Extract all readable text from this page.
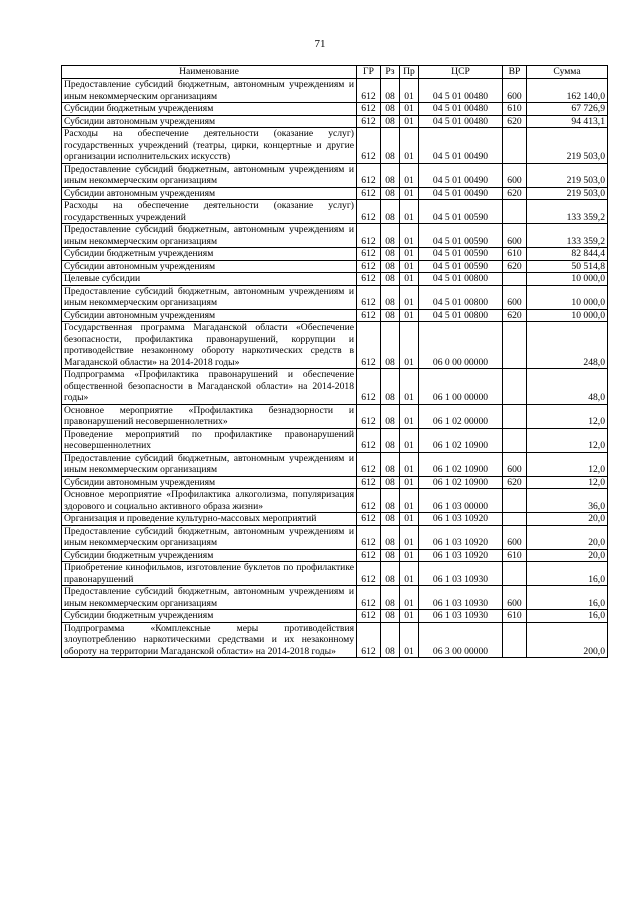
71
Наименование	ГР	Рз	Пр	ЦСР	ВР	Сумма
Предоставление субсидий бюджетным, автономным учреждениям и иным некоммерческим организациям	612	08	01	04 5 01 00480	600	162 140,0
Субсидии бюджетным учреждениям	612	08	01	04 5 01 00480	610	67 726,9
Субсидии автономным учреждениям	612	08	01	04 5 01 00480	620	94 413,1
Расходы на обеспечение деятельности (оказание услуг) государственных учреждений (театры, цирки, концертные и другие организации исполнительских искусств)	612	08	01	04 5 01 00490		219 503,0
Предоставление субсидий бюджетным, автономным учреждениям и иным некоммерческим организациям	612	08	01	04 5 01 00490	600	219 503,0
Субсидии автономным учреждениям	612	08	01	04 5 01 00490	620	219 503,0
Расходы на обеспечение деятельности (оказание услуг) государственных учреждений	612	08	01	04 5 01 00590		133 359,2
Предоставление субсидий бюджетным, автономным учреждениям и иным некоммерческим организациям	612	08	01	04 5 01 00590	600	133 359,2
Субсидии бюджетным учреждениям	612	08	01	04 5 01 00590	610	82 844,4
Субсидии автономным учреждениям	612	08	01	04 5 01 00590	620	50 514,8
Целевые субсидии	612	08	01	04 5 01 00800		10 000,0
Предоставление субсидий бюджетным, автономным учреждениям и иным некоммерческим организациям	612	08	01	04 5 01 00800	600	10 000,0
Субсидии автономным учреждениям	612	08	01	04 5 01 00800	620	10 000,0
Государственная программа Магаданской области «Обеспечение безопасности, профилактика правонарушений, коррупции и противодействие незаконному обороту наркотических средств в Магаданской области» на 2014-2018 годы»	612	08	01	06 0 00 00000		248,0
Подпрограмма «Профилактика правонарушений и обеспечение общественной безопасности в Магаданской области» на 2014-2018 годы»	612	08	01	06 1 00 00000		48,0
Основное мероприятие «Профилактика безнадзорности и правонарушений несовершеннолетних»	612	08	01	06 1 02 00000		12,0
Проведение мероприятий по профилактике правонарушений несовершеннолетних	612	08	01	06 1 02 10900		12,0
Предоставление субсидий бюджетным, автономным учреждениям и иным некоммерческим организациям	612	08	01	06 1 02 10900	600	12,0
Субсидии автономным учреждениям	612	08	01	06 1 02 10900	620	12,0
Основное мероприятие «Профилактика алкоголизма, популяризация здорового и социально активного образа жизни»	612	08	01	06 1 03 00000		36,0
Организация и проведение культурно-массовых мероприятий	612	08	01	06 1 03 10920		20,0
Предоставление субсидий бюджетным, автономным учреждениям и иным некоммерческим организациям	612	08	01	06 1 03 10920	600	20,0
Субсидии бюджетным учреждениям	612	08	01	06 1 03 10920	610	20,0
Приобретение кинофильмов, изготовление буклетов по профилактике правонарушений	612	08	01	06 1 03 10930		16,0
Предоставление субсидий бюджетным, автономным учреждениям и иным некоммерческим организациям	612	08	01	06 1 03 10930	600	16,0
Субсидии бюджетным учреждениям	612	08	01	06 1 03 10930	610	16,0
Подпрограмма «Комплексные меры противодействия злоупотреблению наркотическими средствами и их незаконному обороту на территории Магаданской области» на 2014-2018 годы»	612	08	01	06 3 00 00000		200,0
